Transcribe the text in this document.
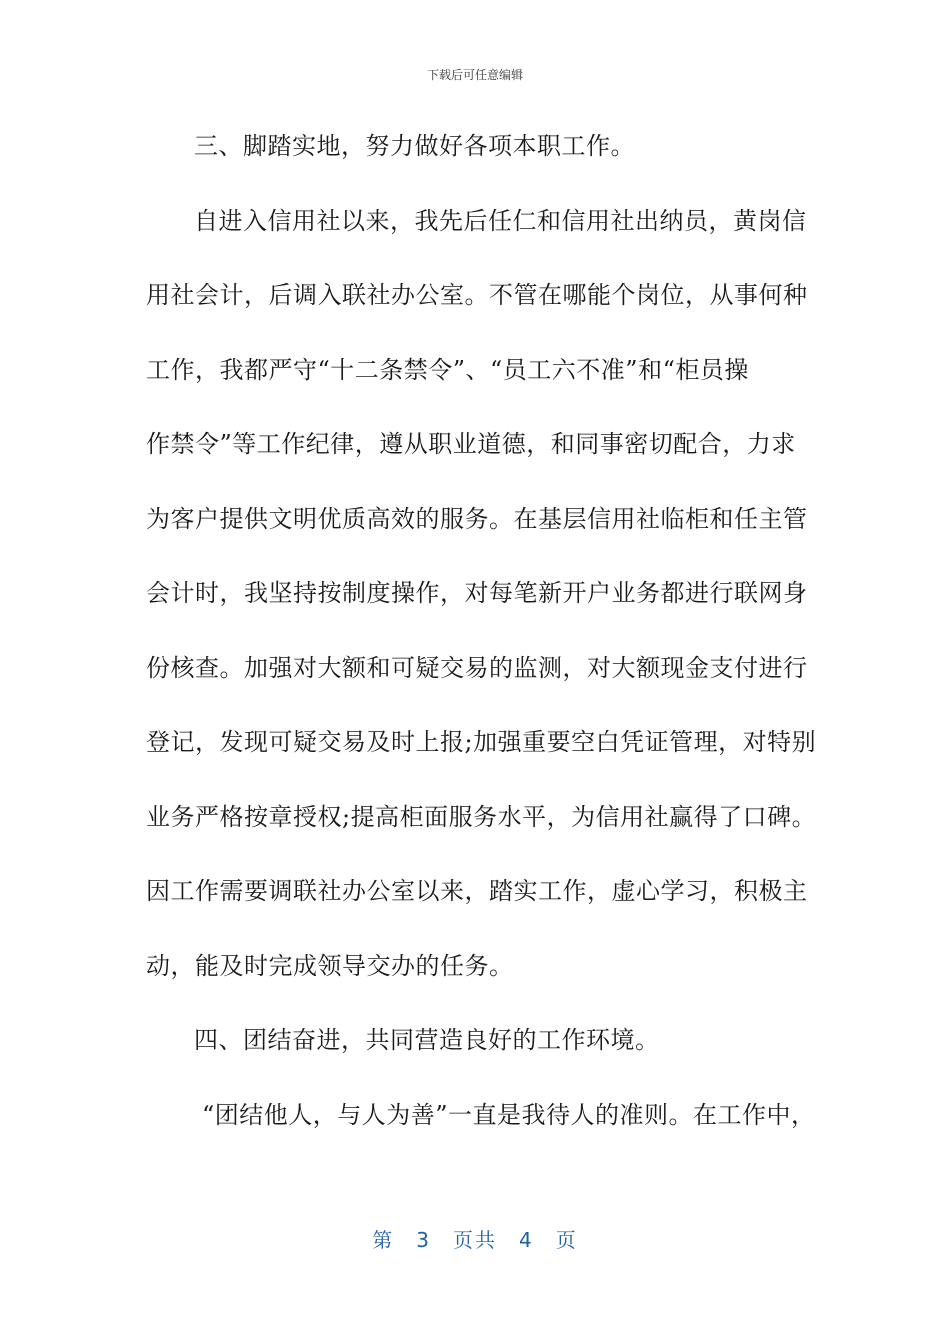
下载后可任意编辑
三、脚踏实地，努力做好各项本职工作。
自进入信用社以来，我先后任仁和信用社出纳员，黄岗信
用社会计，后调入联社办公室。不管在哪能个岗位，从事何种
工作，我都严守“十二条禁令”、“员工六不准”和“柜员操
作禁令”等工作纪律，遵从职业道德，和同事密切配合，力求
为客户提供文明优质高效的服务。在基层信用社临柜和任主管
会计时，我坚持按制度操作，对每笔新开户业务都进行联网身
份核查。加强对大额和可疑交易的监测，对大额现金支付进行
登记，发现可疑交易及时上报;加强重要空白凭证管理，对特别
业务严格按章授权;提高柜面服务水平，为信用社赢得了口碑。
因工作需要调联社办公室以来，踏实工作，虚心学习，积极主
动，能及时完成领导交办的任务。
四、团结奋进，共同营造良好的工作环境。
“团结他人，与人为善”一直是我待人的准则。在工作中，
第 3 页共 4 页
